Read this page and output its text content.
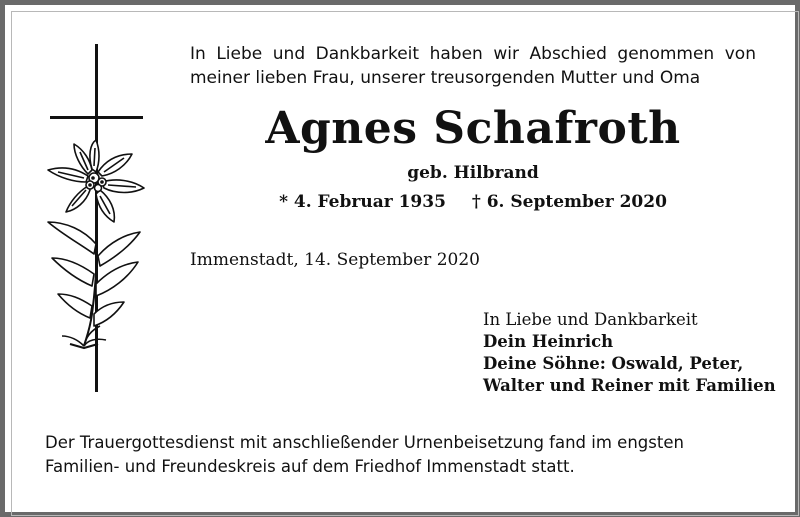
In Liebe und Dankbarkeit haben wir Abschied genommen von
meiner lieben Frau, unserer treusorgenden Mutter und Oma
Agnes Schafroth
geb. Hilbrand
* 4. Februar 1935 † 6. September 2020
Immenstadt, 14. September 2020
In Liebe und Dankbarkeit
Dein Heinrich
Deine Söhne: Oswald, Peter,
Walter und Reiner mit Familien
Der Trauergottesdienst mit anschließender Urnenbeisetzung fand im engsten
Familien- und Freundeskreis auf dem Friedhof Immenstadt statt.
